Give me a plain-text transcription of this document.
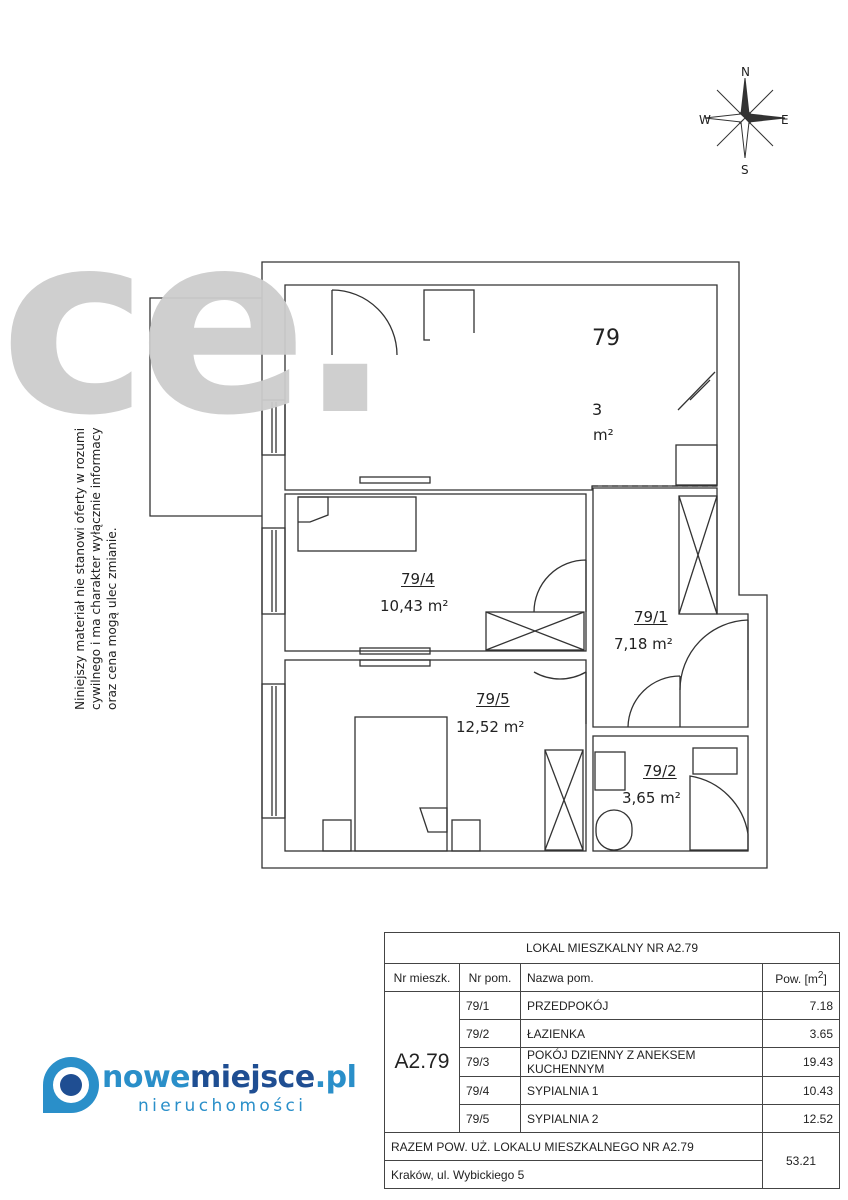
ce.	79
3
m²
79/4
10,43 m²
79/5
12,52 m²
79/1
7,18 m²
79/2
3,65 m²
Niniejszy materiał nie stanowi oferty w rozumi cywilnego i ma charakter wyłącznie informacy oraz cena mogą ulec zmianie.
N
E
S
W
LOKAL MIESZKALNY NR A2.79			
Nr mieszk.	Nr pom.	Nazwa pom.	Pow. $[m^2]$
A2.79	79/1	PRZEDPOKÓJ	7.18
	79/2	ŁAZIENKA	3.65
	79/3	POKÓJ DZIENNY Z ANEKSEM KUCHENNYM	19.43
	79/4	SYPIALNIA 1	10.43
	79/5	SYPIALNIA 2	12.52
RAZEM POW. UŻ. LOKALU MIESZKALNEGO NR A2.79			53.21
Kraków, ul. Wybickiego 5			
nowemiejsce.pl
nieruchomości
